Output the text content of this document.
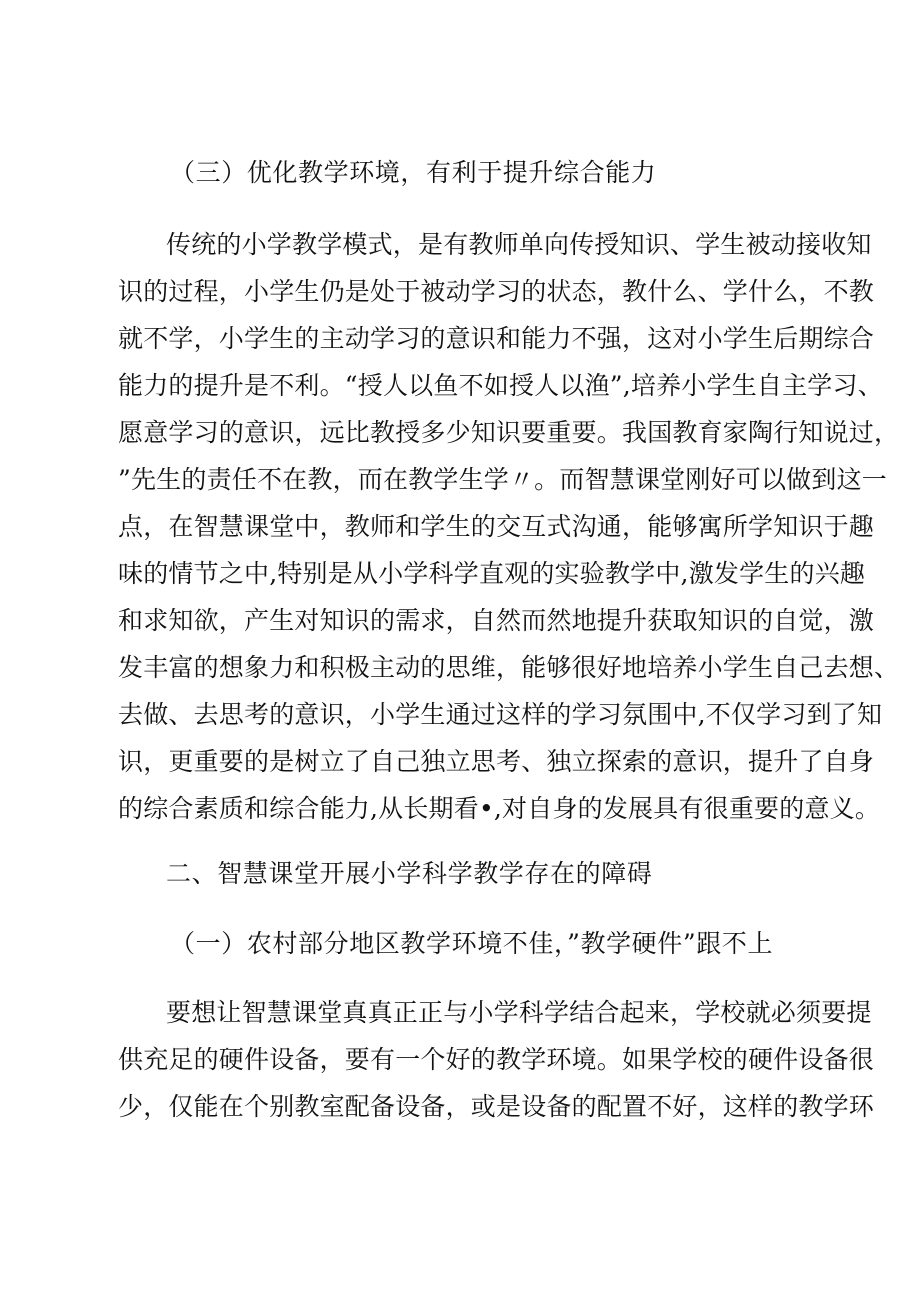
（三）优化教学环境，有利于提升综合能力
传统的小学教学模式，是有教师单向传授知识、学生被动接收知
识的过程，小学生仍是处于被动学习的状态，教什么、学什么，不教
就不学，小学生的主动学习的意识和能力不强，这对小学生后期综合
能力的提升是不利。“授人以鱼不如授人以渔”,培养小学生自主学习、
愿意学习的意识，远比教授多少知识要重要。我国教育家陶行知说过，
”先生的责任不在教，而在教学生学〃。而智慧课堂刚好可以做到这一
点，在智慧课堂中，教师和学生的交互式沟通，能够寓所学知识于趣
味的情节之中,特别是从小学科学直观的实验教学中,激发学生的兴趣
和求知欲，产生对知识的需求，自然而然地提升获取知识的自觉，激
发丰富的想象力和积极主动的思维，能够很好地培养小学生自己去想、
去做、去思考的意识，小学生通过这样的学习氛围中,不仅学习到了知
识，更重要的是树立了自己独立思考、独立探索的意识，提升了自身
的综合素质和综合能力,从长期看•,对自身的发展具有很重要的意义。
二、智慧课堂开展小学科学教学存在的障碍
（一）农村部分地区教学环境不佳，”教学硬件”跟不上
要想让智慧课堂真真正正与小学科学结合起来，学校就必须要提
供充足的硬件设备，要有一个好的教学环境。如果学校的硬件设备很
少，仅能在个别教室配备设备，或是设备的配置不好，这样的教学环
